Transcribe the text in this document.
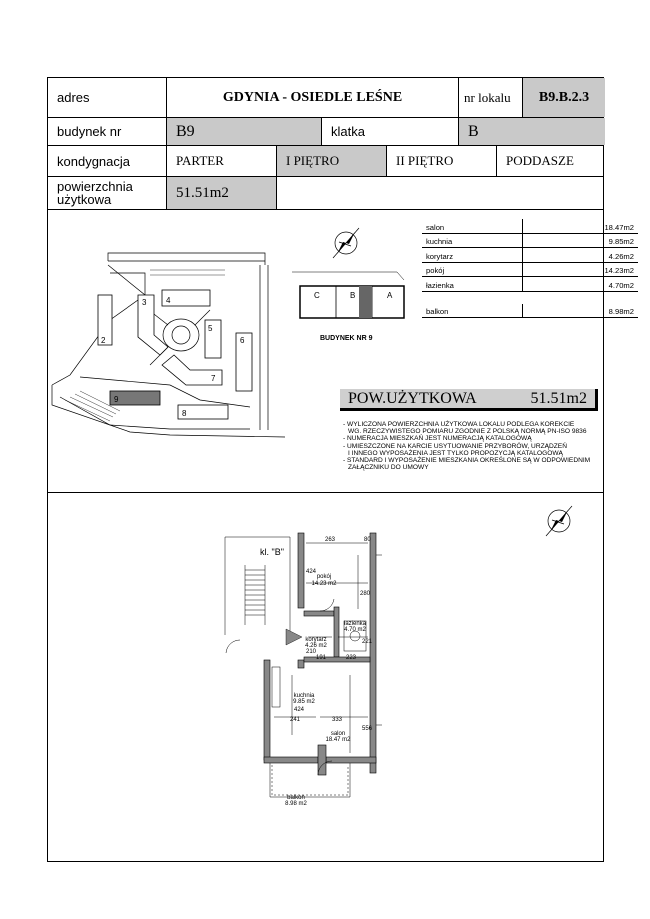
adres	GDYNIA - OSIEDLE LEŚNE	nr lokalu B9.B.2.3
budynek nr	B9	klatka	B
kondygnacja	PARTER	I PIĘTRO	II PIĘTRO	PODDASZE
powierzchnia
użytkowa	51.51m2
salon	18.47m2
kuchnia	9.85m2
korytarz	4.26m2
pokój	14.23m2
łazienka	4.70m2
balkon	8.98m2
POW.UŻYTKOWA	51.51m2
- WYLICZONA POWIERZCHNIA UŻYTKOWA LOKALU PODLEGA KOREKCIE
WG. RZECZYWISTEGO POMIARU ZGODNIE Z POLSKĄ NORMĄ PN-ISO 9836
- NUMERACJA MIESZKAŃ JEST NUMERACJĄ KATALOGOWĄ
- UMIESZCZONE NA KARCIE USYTUOWANIE PRZYBORÓW, URZĄDZEŃ
I INNEGO WYPOSAŻENIA JEST TYLKO PROPOZYCJĄ KATALOGOWĄ
- STANDARD I WYPOSAŻENIE MIESZKANIA OKREŚLONE SĄ W ODPOWIEDNIM
ZAŁĄCZNIKU DO UMOWY
2
3 4
5
6
7
8
9
C	B	A
BUDYNEK NR 9
kl. "B"
pokój
14.23 m2
korytarz
4.26 m2
łazienka
4.70 m2
kuchnia
9.85 m2
salon
18.47 m2
balkon
8.98 m2
263	80
424
280
210
191	223
221
241	333
556
424
